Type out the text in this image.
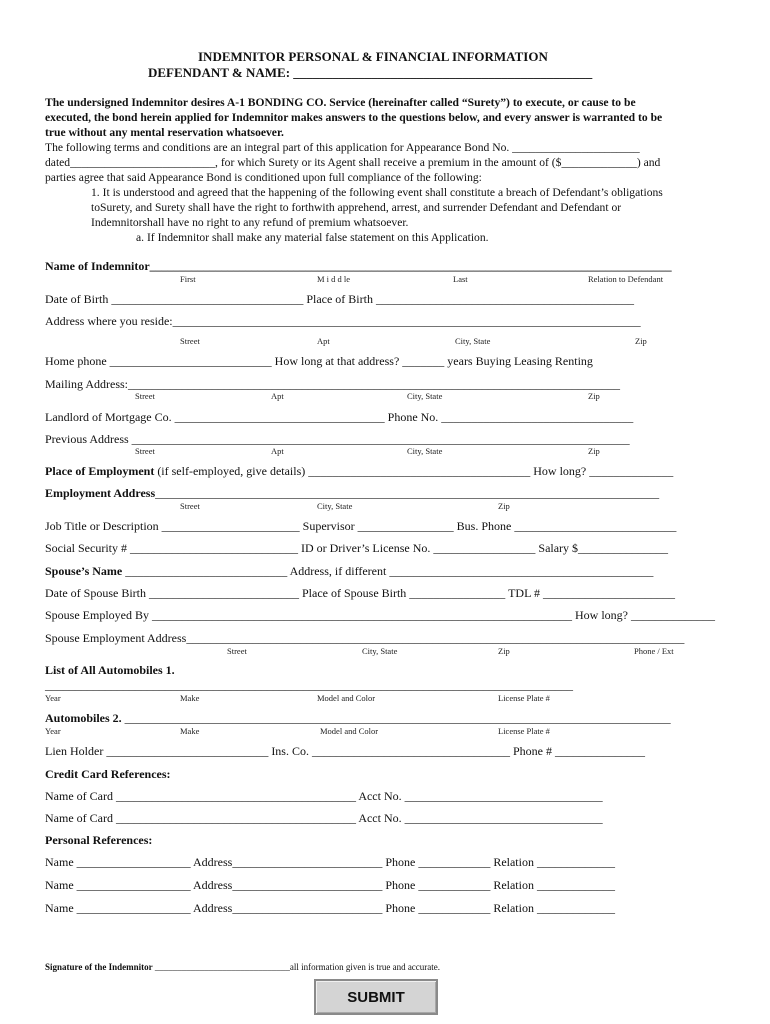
INDEMNITOR PERSONAL & FINANCIAL INFORMATION
DEFENDANT & NAME: ______________________________________________

The undersigned Indemnitor desires A-1 BONDING CO. Service (hereinafter called “Surety”) to execute, or cause to be

executed, the bond herein applied for Indemnitor makes answers to the questions below, and every answer is warranted to be

true without any mental reservation whatsoever.

The following terms and conditions are an integral part of this application for Appearance Bond No. ______________________

dated_________________________, for which Surety or its Agent shall receive a premium in the amount of ($_____________) and

parties agree that said Appearance Bond is conditioned upon full compliance of the following:

1. It is understood and agreed that the happening of the following event shall constitute a breach of Defendant’s obligations

toSurety, and Surety shall have the right to forthwith apprehend, arrest, and surrender Defendant and Defendant or

Indemnitorshall have no right to any refund of premium whatsoever.

a. If Indemnitor shall make any material false statement on this Application.

Name of Indemnitor_______________________________________________________________________________________
First	M i d d le	Last	Relation to Defendant
Date of Birth ________________________________ Place of Birth ___________________________________________
Address where you reside:______________________________________________________________________________
Street	Apt	City, State	Zip
Home phone ___________________________ How long at that address? _______ years Buying Leasing Renting
Mailing Address:__________________________________________________________________________________
Street	Apt	City, State	Zip
Landlord of Mortgage Co. ___________________________________ Phone No. ________________________________
Previous Address ___________________________________________________________________________________
Street	Apt	City, State	Zip
Place of Employment (if self-employed, give details) _____________________________________ How long? ______________
Employment Address____________________________________________________________________________________
Street	City, State	Zip
Job Title or Description _______________________ Supervisor ________________ Bus. Phone ___________________________
Social Security # ____________________________ ID or Driver’s License No. _________________ Salary $_______________
Spouse’s Name ___________________________ Address, if different ____________________________________________
Date of Spouse Birth _________________________ Place of Spouse Birth ________________ TDL # ______________________
Spouse Employed By ______________________________________________________________________ How long? ______________
Spouse Employment Address___________________________________________________________________________________
Street	City, State	Zip	Phone / Ext
List of All Automobiles 1.
________________________________________________________________________________________
Year	Make	Model and Color	License Plate #
Automobiles 2. ___________________________________________________________________________________________
Year	Make	Model and Color	License Plate #
Lien Holder ___________________________ Ins. Co. _________________________________ Phone # _______________
Credit Card References:
Name of Card ________________________________________ Acct No. _________________________________
Name of Card ________________________________________ Acct No. _________________________________
Personal References:
Name ___________________ Address_________________________ Phone ____________ Relation _____________
Name ___________________ Address_________________________ Phone ____________ Relation _____________
Name ___________________ Address_________________________ Phone ____________ Relation _____________
Signature of the Indemnitor ______________________________all information given is true and accurate.
SUBMIT
